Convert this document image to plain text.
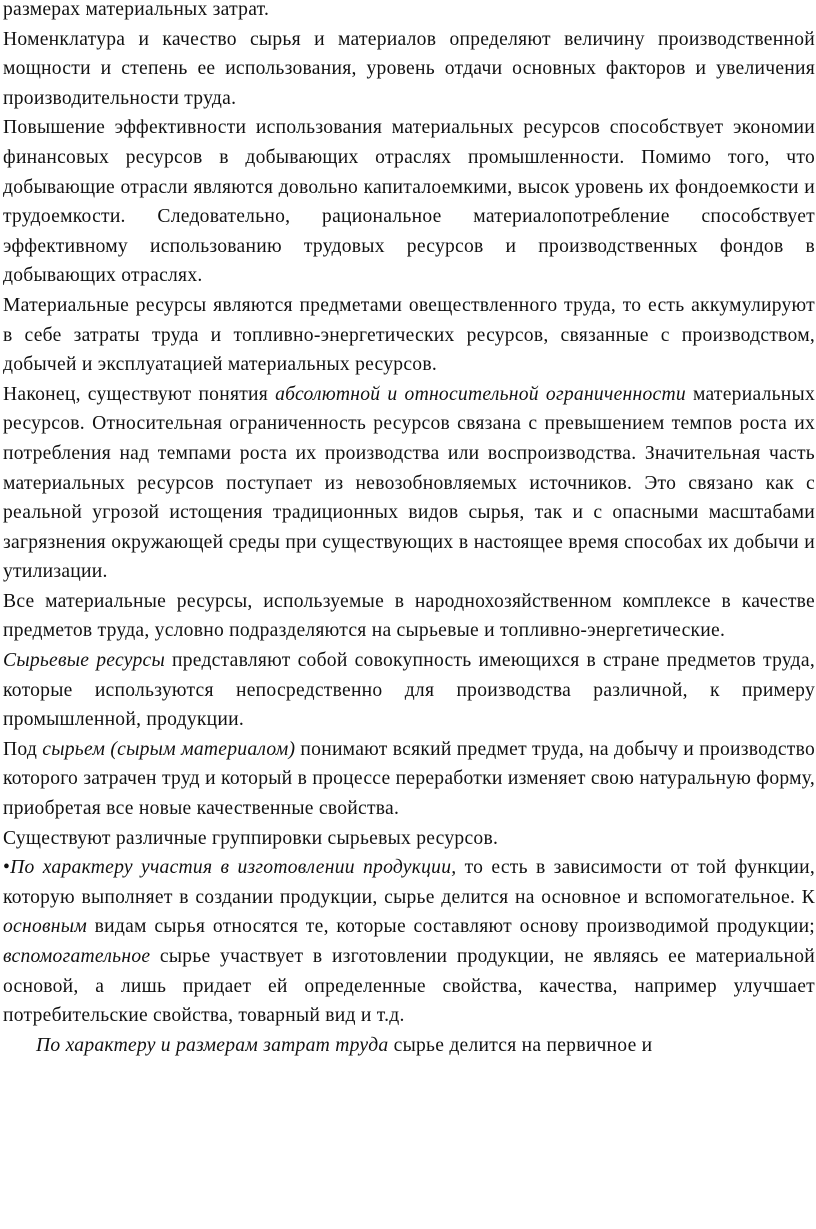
размерах материальных затрат.

Номенклатура и качество сырья и материалов определяют величину производственной мощности и степень ее использования, уровень отдачи основных факторов и увеличения производительности труда.

Повышение эффективности использования материальных ресурсов способствует экономии финансовых ресурсов в добывающих отраслях промышленности. Помимо того, что добывающие отрасли являются довольно капиталоемкими, высок уровень их фондоемкости и трудоемкости. Следовательно, рациональное материалопотребление способствует эффективному использованию трудовых ресурсов и производственных фондов в добывающих отраслях.

Материальные ресурсы являются предметами овеществленного труда, то есть аккумулируют в себе затраты труда и топливно-энергетических ресурсов, связанные с производством, добычей и эксплуатацией материальных ресурсов.

Наконец, существуют понятия абсолютной и относительной ограниченности материальных ресурсов. Относительная ограниченность ресурсов связана с превышением темпов роста их потребления над темпами роста их производства или воспроизводства. Значительная часть материальных ресурсов поступает из невозобновляемых источников. Это связано как с реальной угрозой истощения традиционных видов сырья, так и с опасными масштабами загрязнения окружающей среды при существующих в настоящее время способах их добычи и утилизации.

Все материальные ресурсы, используемые в народнохозяйственном комплексе в качестве предметов труда, условно подразделяются на сырьевые и топливно-энергетические.

Сырьевые ресурсы представляют собой совокупность имеющихся в стране предметов труда, которые используются непосредственно для производства различной, к примеру промышленной, продукции.

Под сырьем (сырым материалом) понимают всякий предмет труда, на добычу и производство которого затрачен труд и который в процессе переработки изменяет свою натуральную форму, приобретая все новые качественные свойства.

Существуют различные группировки сырьевых ресурсов.

•По характеру участия в изготовлении продукции, то есть в зависимости от той функции, которую выполняет в создании продукции, сырье делится на основное и вспомогательное. К основным видам сырья относятся те, которые составляют основу производимой продукции; вспомогательное сырье участвует в изготовлении продукции, не являясь ее материальной основой, а лишь придает ей определенные свойства, качества, например улучшает потребительские свойства, товарный вид и т.д.

По характеру и размерам затрат труда сырье делится на первичное и
